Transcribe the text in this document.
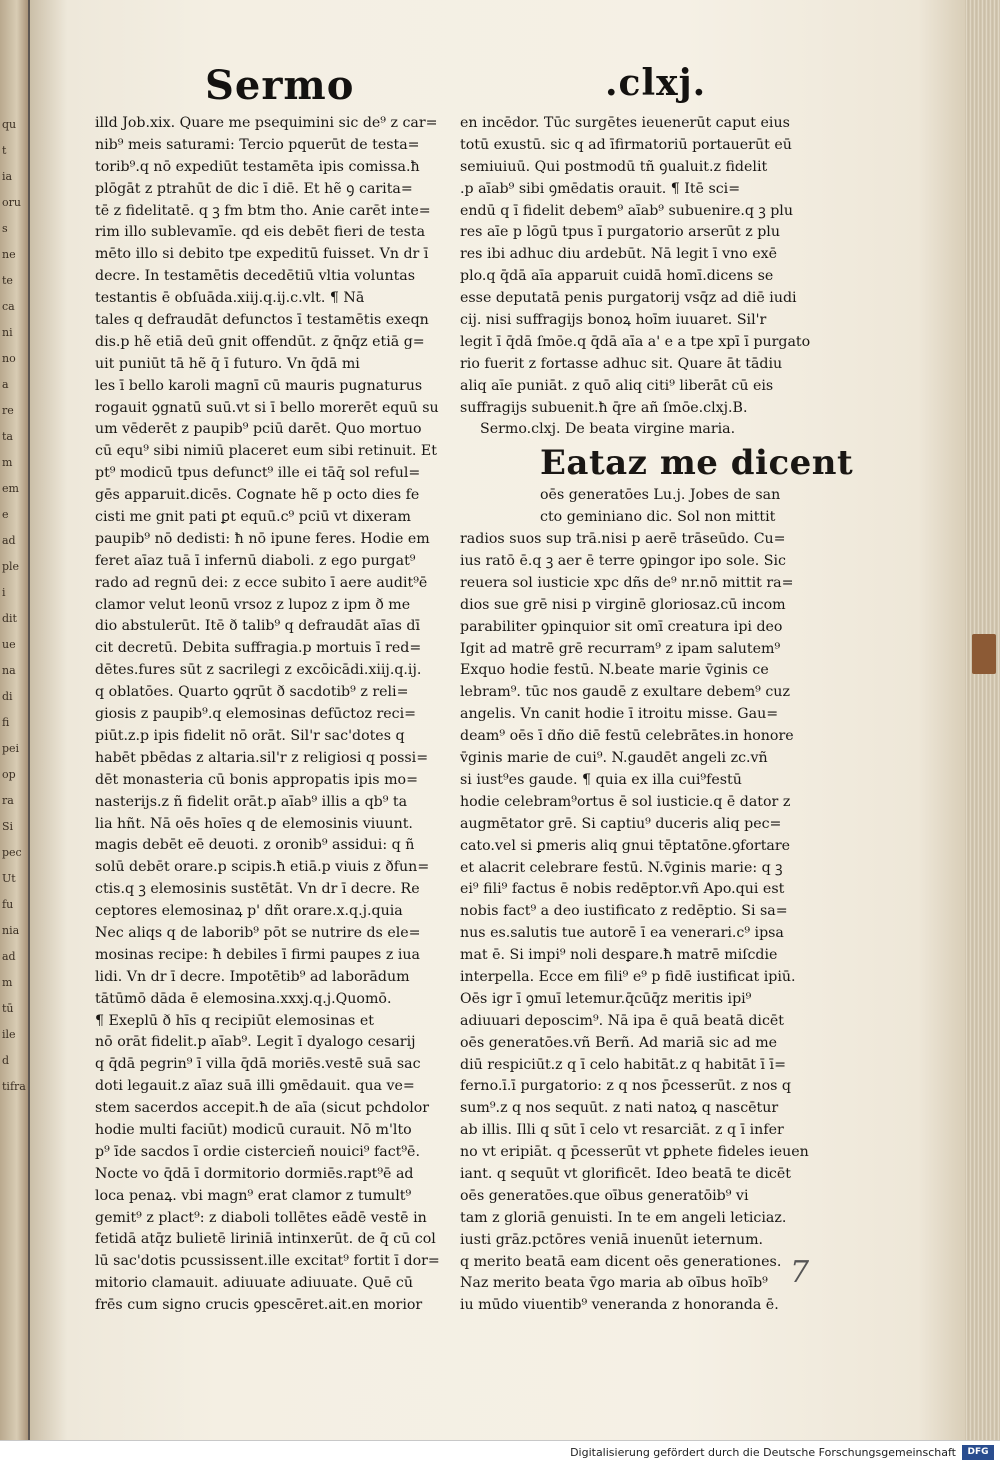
qu
t
ia
oru
s
ne
te
ca
ni
no
a
re
ta
m
em
e
ad
ple
i
dit
ue
na
di
fi
pei
op
ra
Si
pec
Ut
fu
nia
ad
m
tū
ile
d
tifra
Sermo	.clxj.
illd Job.xix. Quare me psequimini sic de⁹ z car=
nib⁹ meis saturami: Tercio pquerūt de testa=
torib⁹.q nō expediūt testamēta ipis comissa.ħ
plōgāt z ptrahūt de dic ī diē. Et hẽ ꝯ carita=
tē z fidelitatē. q ꝫ fm btm tho. Anie carēt inte=
rim illo sublevamīe. qd eis debēt fieri de testa
mēto illo si debito tpe expeditū fuisset. Vn dr ī
decre. In testamētis decedētiū vltia voluntas
testantis ē obſuāda.xiij.q.ij.c.vlt. ¶ Nā
tales q defraudāt defunctos ī testamētis exeqn
dis.p hẽ etiā deū gnit offendūt. z q̄nq̄z etiā g=
uit puniūt tā hẽ q̄ ī futuro. Vn q̄dā mi
les ī bello karoli magnī cū mauris pugnaturus
rogauit ꝯgnatū suū.vt si ī bello morerēt equū su
um vēderēt z paupib⁹ pciū darēt. Quo mortuo
cū equ⁹ sibi nimiū placeret eum sibi retinuit. Et
pt⁹ modicū tpus defunct⁹ ille ei tāq̄ sol reful=
gēs apparuit.dicēs. Cognate hẽ p octo dies fe
cisti me gnit pati ꝑt equū.c⁹ pciū vt dixeram
paupib⁹ nō dedisti: ħ nō ipune feres. Hodie em
feret aīaz tuā ī infernū diaboli. z ego purgat⁹
rado ad regnū dei: z ecce subito ī aere audit⁹ē
clamor velut leonū vrsoz z lupoz z ipm ð me
dio abstulerūt. Itē ð talib⁹ q defraudāt aīas dī
cit decretū. Debita suffragia.p mortuis ī red=
dētes.fures sūt z sacrilegi z excōicādi.xiij.q.ij.
q oblatōes. Quarto ꝯqrūt ð sacdotib⁹ z reli=
giosis z paupib⁹.q elemosinas defūctoz reci=
piūt.z.p ipis fidelit nō orāt. Sil'r sac'dotes q
habēt pbēdas z altaria.sil'r z religiosi q possi=
dēt monasteria cū bonis appropatis ipis mo=
nasterijs.z ñ fidelit orāt.p aīab⁹ illis a qb⁹ ta
lia hñt. Nā oēs hoīes q de elemosinis viuunt.
magis debēt eē deuoti. z oronib⁹ assidui: q ñ
solū debēt orare.p scipis.ħ etiā.p viuis z ðfun=
ctis.q ꝫ elemosinis sustētāt. Vn dr ī decre. Re
ceptores elemosinaꝝ p' dñt orare.x.q.j.quia
Nec aliqs q de laborib⁹ pōt se nutrire ds ele=
mosinas recipe: ħ debiles ī firmi paupes z iua
lidi. Vn dr ī decre. Impotētib⁹ ad laborādum
tātūmō dāda ē elemosina.xxxj.q.j.Quomō.
¶ Exeplū ð hīs q recipiūt elemosinas et
nō orāt fidelit.p aīab⁹. Legit ī dyalogo cesarij
q q̄dā pegrin⁹ ī villa q̄dā moriēs.vestē suā sac
doti legauit.z aīaz suā illi ꝯmēdauit. qua ve=
stem sacerdos accepit.ħ de aīa (sicut pchdolor
hodie multi faciūt) modicū curauit. Nō m'lto
p⁹ īde sacdos ī ordie cistercieñ nouici⁹ fact⁹ē.
Nocte vo q̄dā ī dormitorio dormiēs.rapt⁹ē ad
loca penaꝝ. vbi magn⁹ erat clamor z tumult⁹
gemit⁹ z plact⁹: z diaboli tollētes eādē vestē in
fetidā atq̄z bulietē liriniā intinxerūt. de q̄ cū col
lū sac'dotis pcussissent.ille excitat⁹ fortit ī dor=
mitorio clamauit. adiuuate adiuuate. Quē cū
frēs cum signo crucis ꝯpescēret.ait.en morior
en incēdor. Tūc surgētes ieuenerūt caput eius
totū exustū. sic q ad īfirmatoriū portauerūt eū
semiuiuū. Qui postmodū tñ ꝯualuit.z fidelit
.p aīab⁹ sibi ꝯmēdatis orauit. ¶ Itē sci=
endū q ī fidelit debem⁹ aīab⁹ subuenire.q ꝫ plu
res aīe p lōgū tpus ī purgatorio arserūt z plu
res ibi adhuc diu ardebūt. Nā legit ī vno exē
plo.q q̄dā aīa apparuit cuidā homī.dicens se
esse deputatā penis purgatorij vsq̄z ad diē iudi
cij. nisi suffragijs bonoꝝ hoīm iuuaret. Sil'r
legit ī q̄dā ſmōe.q q̄dā aīa a' e a tpe xpī ī purgato
rio fuerit z fortasse adhuc sit. Quare āt tādiu
aliq aīe puniāt. z quō aliq citi⁹ liberāt cū eis
suffragijs subuenit.ħ q̄re añ ſmōe.clxj.B.
Sermo.clxj. De beata virgine maria.
Eataz me dicent
oēs generatōes Lu.j. Jobes de san
cto geminiano dic. Sol non mittit
radios suos sup trā.nisi p aerē trāseūdo. Cu=
ius ratō ē.q ꝫ aer ē terre ꝯpingor ipo sole. Sic
reuera sol iusticie xpc dñs de⁹ nr.nō mittit ra=
dios sue grē nisi p virginē gloriosaz.cū incom
parabiliter ꝯpinquior sit omī creatura ipi deo
Igit ad matrē grē recurram⁹ z ipam salutem⁹
Exquo hodie festū. N.beate marie v̄ginis ce
lebram⁹. tūc nos gaudē z exultare debem⁹ cuz
angelis. Vn canit hodie ī itroitu misse. Gau=
deam⁹ oēs ī dño diē festū celebrātes.in honore
v̄ginis marie de cui⁹. N.gaudēt angeli zc.vñ
si iust⁹es gaude. ¶ quia ex illa cui⁹festū
hodie celebram⁹ortus ē sol iusticie.q ē dator z
augmētator grē. Si captiu⁹ duceris aliq pec=
cato.vel si ꝑmeris aliq gnui tēptatōne.ꝯfortare
et alacrit celebrare festū. N.v̄ginis marie: q ꝫ
ei⁹ fili⁹ factus ē nobis redēptor.vñ Apo.qui est
nobis fact⁹ a deo iustificato z redēptio. Si sa=
nus es.salutis tue autorē ī ea venerari.c⁹ ipsa
mat ē. Si impi⁹ noli desꝑare.ħ matrē miſcdie
interpella. Ecce em fili⁹ e⁹ p fidē iustificat ipiū.
Oēs igr ī ꝯmuī letemur.q̄cūq̄z meritis ipi⁹
adiuuari deposcim⁹. Nā ipa ē quā beatā dicēt
oēs generatōes.vñ Berñ. Ad mariā sic ad me
diū respiciūt.z q ī celo habitāt.z q habitāt ī ī=
ferno.ī.ī purgatorio: z q nos p̄cesserūt. z nos q
sum⁹.z q nos sequūt. z nati natoꝝ q nascētur
ab illis. Illi q sūt ī celo vt resarciāt. z q ī infer
no vt eripiāt. q p̄cesserūt vt ꝑphete fideles ieuen
iant. q sequūt vt glorificēt. Ideo beatā te dicēt
oēs generatōes.que oībus generatōib⁹ vi
tam z gloriā genuisti. In te em angeli leticiaz.
iusti grāz.pctōres veniā inuenūt ieternum.
q merito beatā eam dicent oēs generationes.
Naz merito beata v̄go maria ab oībus hoīb⁹
iu mūdo viuentib⁹ veneranda z honoranda ē.
7
Digitalisierung gefördert durch die Deutsche Forschungsgemeinschaft	DFG
